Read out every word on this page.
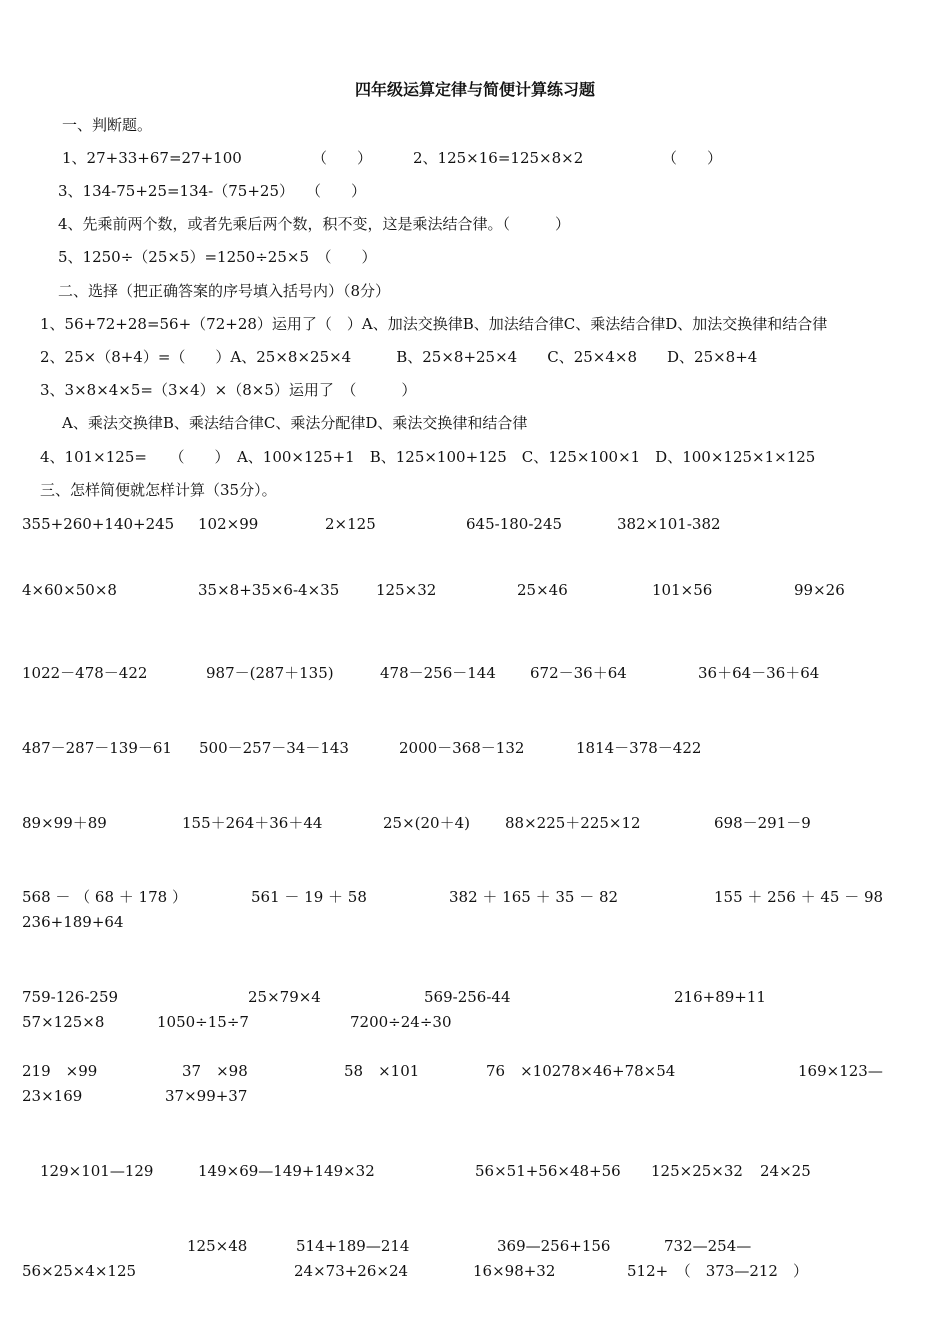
四年级运算定律与简便计算练习题
一、判断题。
1、27+33+67=27+100	（　　）	2、125×16=125×8×2	（　　）
3、134-75+25=134-（75+25） （　　）
4、先乘前两个数，或者先乘后两个数，积不变，这是乘法结合律。（　　　）
5、1250÷（25×5）=1250÷25×5　（　　）
二、选择（把正确答案的序号填入括号内）（8分）
1、56+72+28=56+（72+28）运用了（　）A、加法交换律B、加法结合律C、乘法结合律D、加法交换律和结合律
2、25×（8+4）=（　　）A、25×8×25×4　　　B、25×8+25×4　　C、25×4×8　　D、25×8+4
3、3×8×4×5=（3×4）×（8×5）运用了　（　　　）
A、乘法交换律B、乘法结合律C、乘法分配律D、乘法交换律和结合律
4、101×125=　　（　　）　A、100×125+1　B、125×100+125　C、125×100×1　D、100×125×1×125
三、怎样简便就怎样计算（35分）。
355+260+140+245 102×99	2×125	645-180-245	382×101-382
4×60×50×8	35×8+35×6-4×35 125×32	25×46	101×56	99×26
1022－478－422	987－(287＋135)	478－256－144 672－36＋64	36＋64－36＋64
487－287－139－61 500－257－34－143	2000－368－132	1814－378－422
89×99＋89	155＋264＋36＋44	25×(20＋4) 88×225＋225×12	698－291－9
568 － （ 68 ＋ 178 ）	561 － 19 ＋ 58	382 ＋ 165 ＋ 35 － 82	155 ＋ 256 ＋ 45 － 98
236+189+64
759-126-259	25×79×4	569-256-44	216+89+11
57×125×8	1050÷15÷7	7200÷24÷30
219　×99	37　×98	58　×101	76　×10278×46+78×54	169×123—
23×169	37×99+37
129×101—129	149×69—149+149×32	56×51+56×48+56 125×25×32 24×25
125×48	514+189—214	369—256+156	732—254—
56×25×4×125	24×73+26×24	16×98+32	512+　（　373—212　）
